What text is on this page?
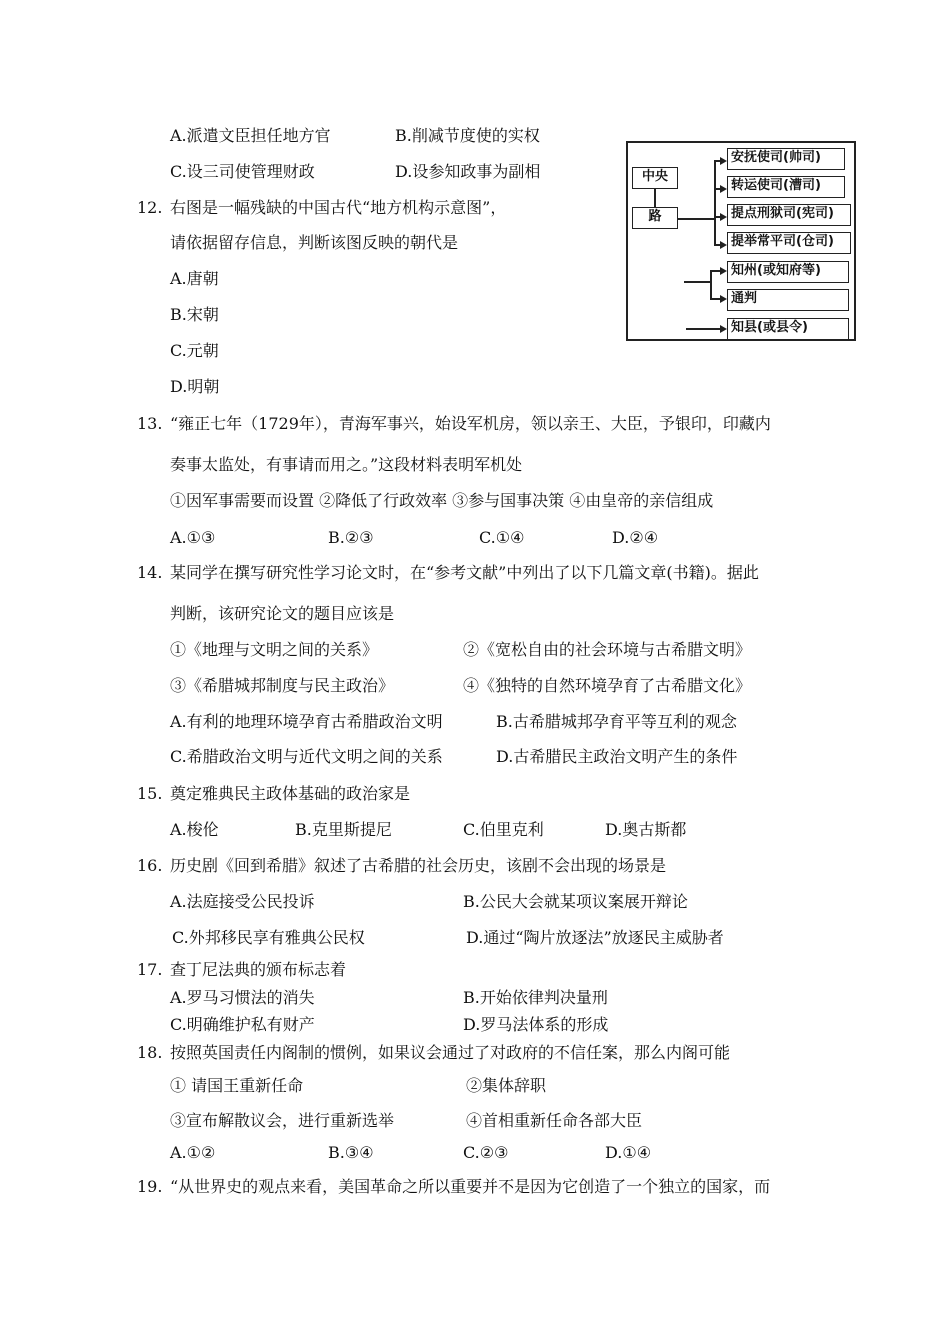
A.派遣文臣担任地方官	B.削减节度使的实权
C.设三司使管理财政	D.设参知政事为副相
12. 右图是一幅残缺的中国古代“地方机构示意图”，
请依据留存信息，判断该图反映的朝代是
A.唐朝
B.宋朝
C.元朝
D.明朝
中央
路
安抚使司(帅司)
转运使司(漕司)
提点刑狱司(宪司)
提举常平司(仓司)
知州(或知府等)
通判
知县(或县令)
13. “雍正七年（1729年），青海军事兴，始设军机房，领以亲王、大臣，予银印，印藏内
奏事太监处，有事请而用之。”这段材料表明军机处
①因军事需要而设置 ②降低了行政效率 ③参与国事决策 ④由皇帝的亲信组成
A.①③	B.②③	C.①④	D.②④
14. 某同学在撰写研究性学习论文时，在“参考文献”中列出了以下几篇文章(书籍)。据此
判断，该研究论文的题目应该是
①《地理与文明之间的关系》	②《宽松自由的社会环境与古希腊文明》
③《希腊城邦制度与民主政治》	④《独特的自然环境孕育了古希腊文化》
A.有利的地理环境孕育古希腊政治文明	B.古希腊城邦孕育平等互利的观念
C.希腊政治文明与近代文明之间的关系	D.古希腊民主政治文明产生的条件
15. 奠定雅典民主政体基础的政治家是
A.梭伦	B.克里斯提尼	C.伯里克利	D.奥古斯都
16. 历史剧《回到希腊》叙述了古希腊的社会历史，该剧不会出现的场景是
A.法庭接受公民投诉	B.公民大会就某项议案展开辩论
C.外邦移民享有雅典公民权	D.通过“陶片放逐法”放逐民主威胁者
17. 查丁尼法典的颁布标志着
A.罗马习惯法的消失	B.开始依律判决量刑
C.明确维护私有财产	D.罗马法体系的形成
18. 按照英国责任内阁制的惯例，如果议会通过了对政府的不信任案，那么内阁可能
① 请国王重新任命	②集体辞职
③宣布解散议会，进行重新选举	④首相重新任命各部大臣
A.①②	B.③④	C.②③	D.①④
19. “从世界史的观点来看，美国革命之所以重要并不是因为它创造了一个独立的国家，而
